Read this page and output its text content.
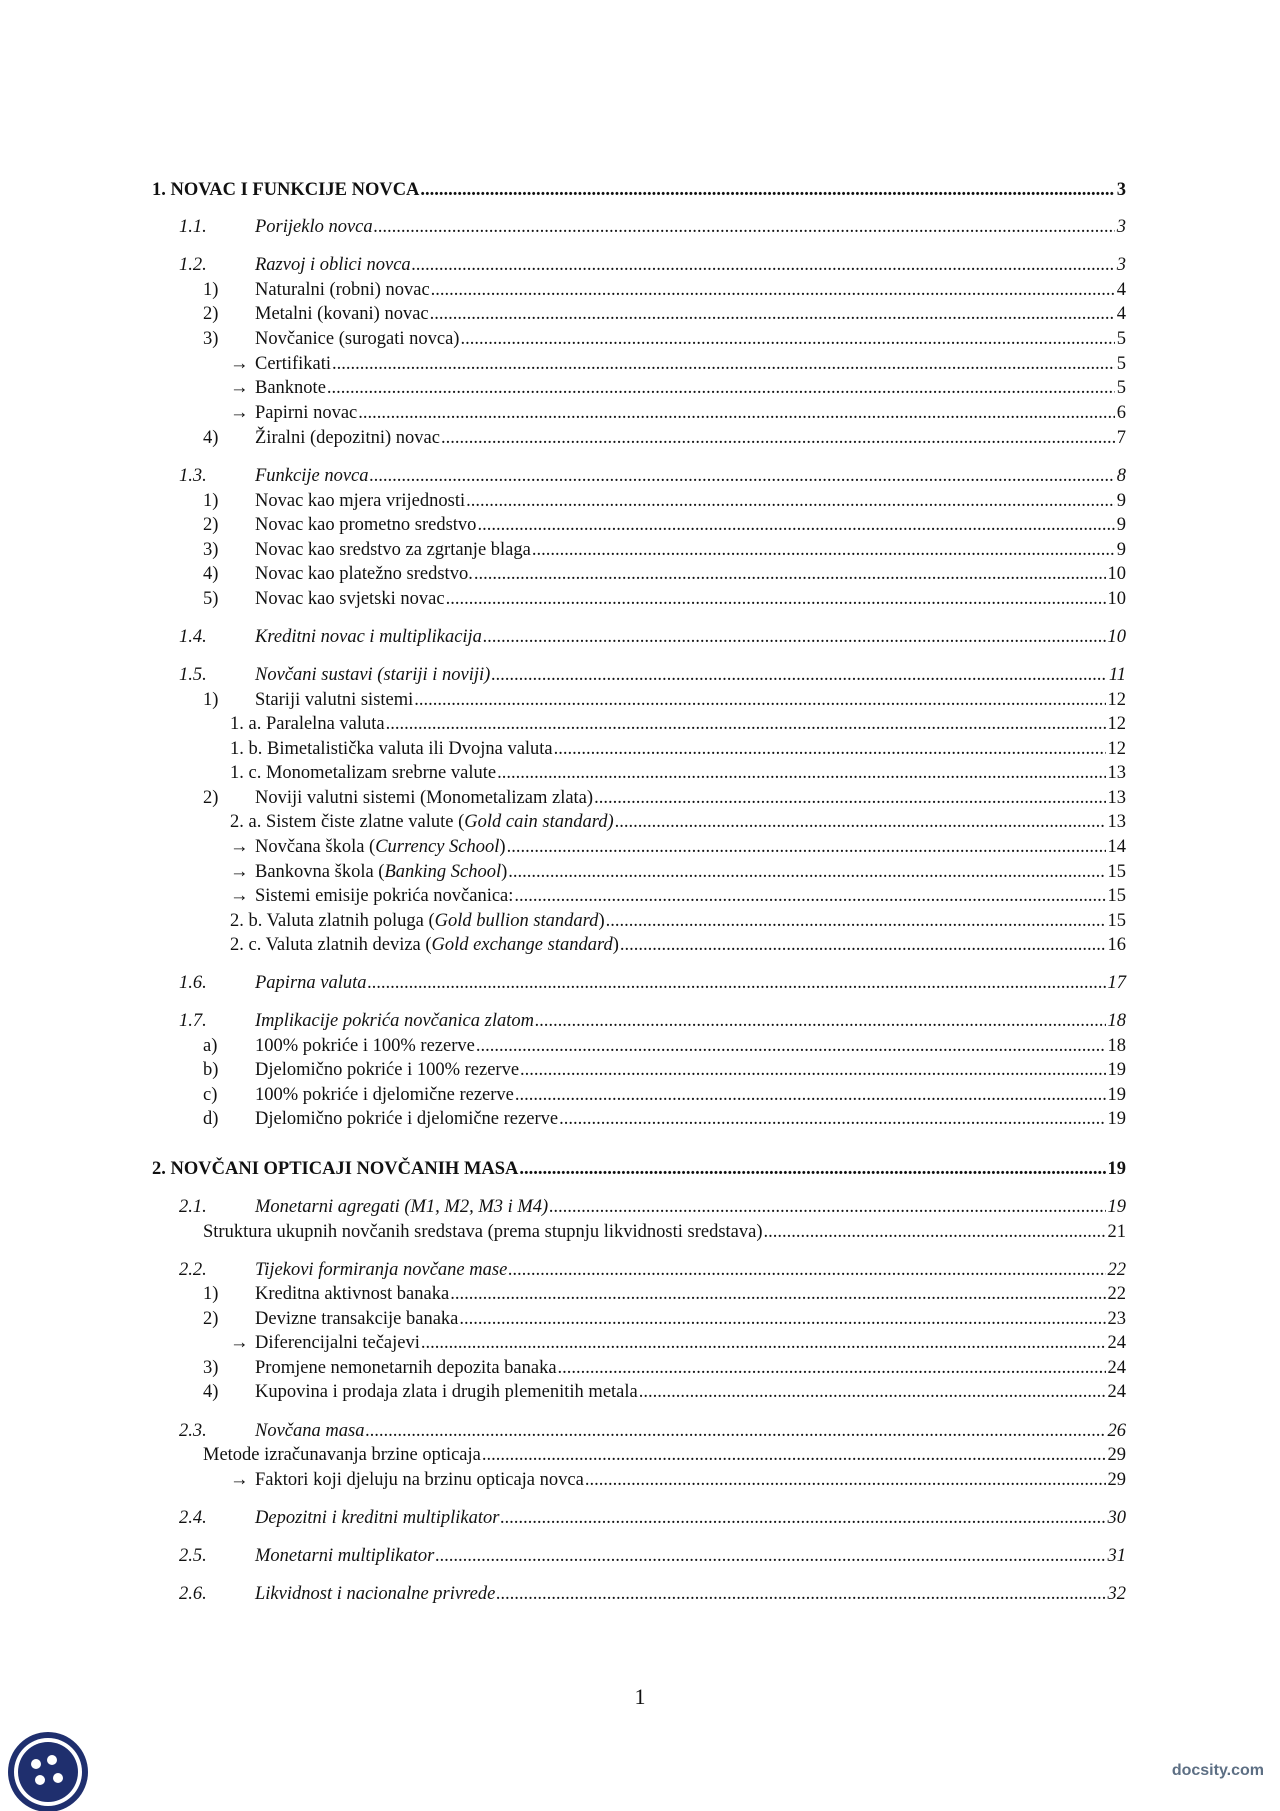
1. NOVAC I FUNKCIJE NOVCA .....	3
1.1.	Porijeklo novca .....	3
1.2.	Razvoj i oblici novca .....	3
1) Naturalni (robni) novac .....	4
2) Metalni (kovani) novac .....	4
3) Novčanice (surogati novca) .....	5
→ Certifikati .....	5
→ Banknote .....	5
→ Papirni novac .....	6
4) Žiralni (depozitni) novac .....	7
1.3.	Funkcije novca .....	8
1) Novac kao mjera vrijednosti .....	9
2) Novac kao prometno sredstvo .....	9
3) Novac kao sredstvo za zgrtanje blaga .....	9
4) Novac kao platežno sredstvo. .....	10
5) Novac kao svjetski novac .....	10
1.4.	Kreditni novac i multiplikacija .....	10
1.5.	Novčani sustavi (stariji i noviji) .....	11
1) Stariji valutni sistemi .....	12
1. a. Paralelna valuta .....	12
1. b. Bimetalistička valuta ili Dvojna valuta .....	12
1. c. Monometalizam srebrne valute .....	13
2) Noviji valutni sistemi (Monometalizam zlata) .....	13
2. a. Sistem čiste zlatne valute (Gold cain standard) .....	13
→ Novčana škola (Currency School) .....	14
→ Bankovna škola (Banking School) .....	15
→ Sistemi emisije pokrića novčanica: .....	15
2. b. Valuta zlatnih poluga (Gold bullion standard) .....	15
2. c. Valuta zlatnih deviza (Gold exchange standard) .....	16
1.6.	Papirna valuta .....	17
1.7.	Implikacije pokrića novčanica zlatom .....	18
a) 100% pokriće i 100% rezerve .....	18
b) Djelomično pokriće i 100% rezerve .....	19
c) 100% pokriće i djelomične rezerve .....	19
d) Djelomično pokriće i djelomične rezerve .....	19
2. NOVČANI OPTICAJI NOVČANIH MASA .....	19
2.1.	Monetarni agregati (M1, M2, M3 i M4) .....	19
Struktura ukupnih novčanih sredstava (prema stupnju likvidnosti sredstava) .....	21
2.2.	Tijekovi formiranja novčane mase .....	22
1) Kreditna aktivnost banaka .....	22
2) Devizne transakcije banaka .....	23
→ Diferencijalni tečajevi .....	24
3) Promjene nemonetarnih depozita banaka .....	24
4) Kupovina i prodaja zlata i drugih plemenitih metala .....	24
2.3.	Novčana masa .....	26
Metode izračunavanja brzine opticaja .....	29
→ Faktori koji djeluju na brzinu opticaja novca .....	29
2.4.	Depozitni i kreditni multiplikator .....	30
2.5.	Monetarni multiplikator .....	31
2.6.	Likvidnost i nacionalne privrede .....	32
1
docsity.com
